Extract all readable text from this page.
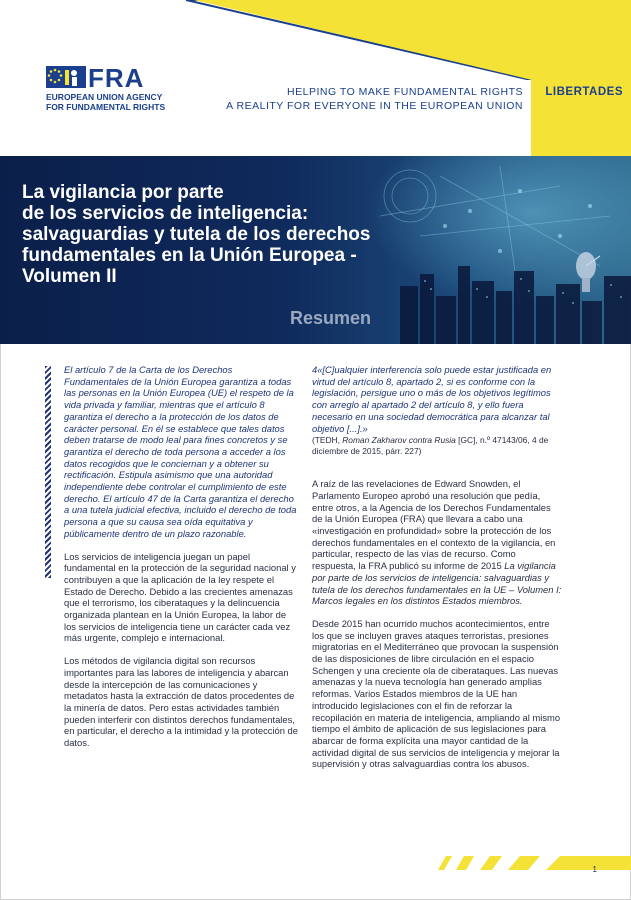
FRA
EUROPEAN UNION AGENCY
FOR FUNDAMENTAL RIGHTS
HELPING TO MAKE FUNDAMENTAL RIGHTS
A REALITY FOR EVERYONE IN THE EUROPEAN UNION
LIBERTADES
La vigilancia por parte
de los servicios de inteligencia:
salvaguardias y tutela de los derechos
fundamentales en la Unión Europea -
Volumen II
Resumen

El artículo 7 de la Carta de los Derechos Fundamentales de la Unión Europea garantiza a todas las personas en la Unión Europea (UE) el respeto de la vida privada y familiar, mientras que el artículo 8 garantiza el derecho a la protección de los datos de carácter personal. En él se establece que tales datos deben tratarse de modo leal para fines concretos y se garantiza el derecho de toda persona a acceder a los datos recogidos que le conciernan y a obtener su rectificación. Estipula asimismo que una autoridad independiente debe controlar el cumplimiento de este derecho. El artículo 47 de la Carta garantiza el derecho a una tutela judicial efectiva, incluido el derecho de toda persona a que su causa sea oída equitativa y públicamente dentro de un plazo razonable.

Los servicios de inteligencia juegan un papel fundamental en la protección de la seguridad nacional y contribuyen a que la aplicación de la ley respete el Estado de Derecho. Debido a las crecientes amenazas que el terrorismo, los ciberataques y la delincuencia organizada plantean en la Unión Europea, la labor de los servicios de inteligencia tiene un carácter cada vez más urgente, complejo e internacional.

Los métodos de vigilancia digital son recursos importantes para las labores de inteligencia y abarcan desde la intercepción de las comunicaciones y metadatos hasta la extracción de datos procedentes de la minería de datos. Pero estas actividades también pueden interferir con distintos derechos fundamentales, en particular, el derecho a la intimidad y la protección de datos.

4«[C]ualquier interferencia solo puede estar justificada en virtud del artículo 8, apartado 2, si es conforme con la legislación, persigue uno o más de los objetivos legítimos con arreglo al apartado 2 del artículo 8, y ello fuera necesario en una sociedad democrática para alcanzar tal objetivo [...].»

(TEDH, Roman Zakharov contra Rusia [GC], n.º 47143/06, 4 de diciembre de 2015, párr. 227)

A raíz de las revelaciones de Edward Snowden, el Parlamento Europeo aprobó una resolución que pedía, entre otros, a la Agencia de los Derechos Fundamentales de la Unión Europea (FRA) que llevara a cabo una «investigación en profundidad» sobre la protección de los derechos fundamentales en el contexto de la vigilancia, en particular, respecto de las vías de recurso. Como respuesta, la FRA publicó su informe de 2015 La vigilancia por parte de los servicios de inteligencia: salvaguardias y tutela de los derechos fundamentales en la UE – Volumen I: Marcos legales en los distintos Estados miembros.

Desde 2015 han ocurrido muchos acontecimientos, entre los que se incluyen graves ataques terroristas, presiones migratorias en el Mediterráneo que provocan la suspensión de las disposiciones de libre circulación en el espacio Schengen y una creciente ola de ciberataques. Las nuevas amenazas y la nueva tecnología han generado amplias reformas. Varios Estados miembros de la UE han introducido legislaciones con el fin de reforzar la recopilación en materia de inteligencia, ampliando al mismo tiempo el ámbito de aplicación de sus legislaciones para abarcar de forma explícita una mayor cantidad de la actividad digital de sus servicios de inteligencia y mejorar la supervisión y otras salvaguardias contra los abusos.

1
